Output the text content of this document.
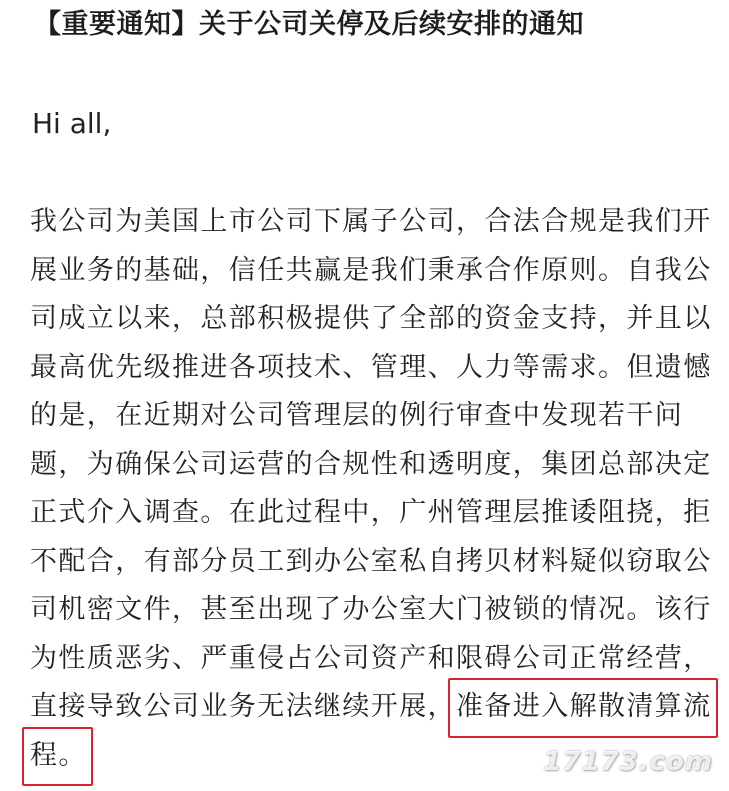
【重要通知】关于公司关停及后续安排的通知
Hi all,
我公司为美国上市公司下属子公司，合法合规是我们开
展业务的基础，信任共赢是我们秉承合作原则。自我公
司成立以来，总部积极提供了全部的资金支持，并且以
最高优先级推进各项技术、管理、人力等需求。但遗憾
的是，在近期对公司管理层的例行审查中发现若干问
题，为确保公司运营的合规性和透明度，集团总部决定
正式介入调查。在此过程中，广州管理层推诿阻挠，拒
不配合，有部分员工到办公室私自拷贝材料疑似窃取公
司机密文件，甚至出现了办公室大门被锁的情况。该行
为性质恶劣、严重侵占公司资产和限碍公司正常经营，
直接导致公司业务无法继续开展，准备进入解散清算流
程。	17173.com
